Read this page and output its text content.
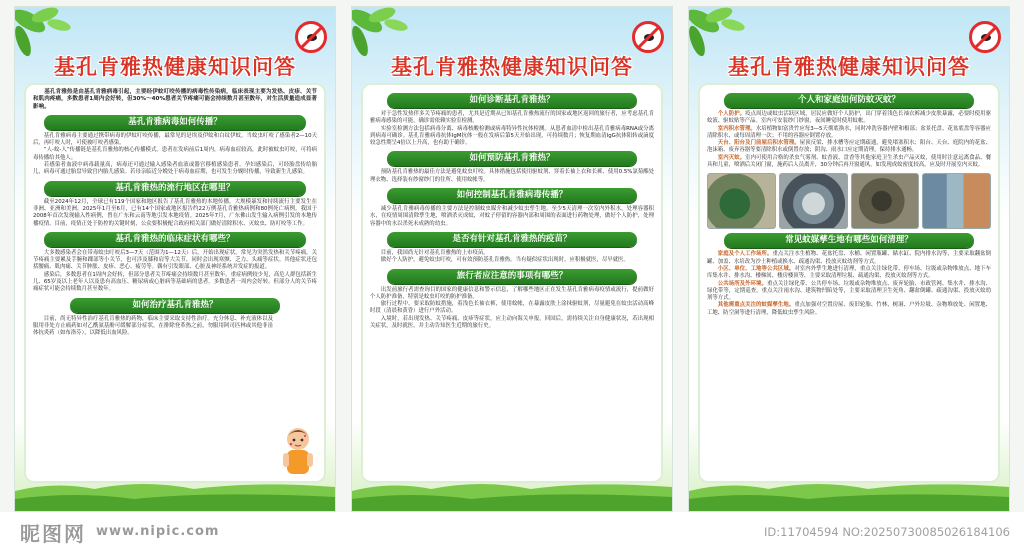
基孔肯雅热健康知识问答

基孔肯雅热是由基孔肯雅病毒引起，主要经伊蚊叮咬传播的病毒性传染病，临床表现主要为发热、皮疹、关节和肌肉疼痛，多数患者1周内会好转，但30%～40%患者关节疼痛可能会持续数月甚至数年，对生活质量造成显著影响。

基孔肯雅病毒如何传播？

基孔肯雅病毒主要通过携带病毒的伊蚊叮咬传播，最常见的是埃及伊蚊和白纹伊蚊。当蚊虫叮咬了感染者2—10天后，再叮咬人时，可使被叮咬者感染。

“人-蚊-人”传播链是基孔肯雅热的核心传播模式。患者在发病前后1周内，病毒血症较高，此时被蚊虫叮咬，可将病毒传播给其他人。

若感染者血液中病毒载量高，病毒还可通过输入感染者血液或器官移植感染患者。孕妇感染后，可经胎盘传给胎儿，病毒可通过胎盘导致宫内胎儿感染。若母亲临近分娩处于病毒血症期，也可发生分娩时传播，导致新生儿感染。

基孔肯雅热的流行地区在哪里？

截至2024年12月，全球已有119个国家和地区报告了基孔肯雅热的本地传播，大规模暴发和持续流行主要发生在非洲、亚洲和美洲。2025年1月至6月，已有14个国家或地区报告约22万例基孔肯雅热病例和80例死亡病例。我国于2008年首次发现输入性病例，曾在广东和云南等地引发本地疫情。2025年7月，广东佛山发生输入病例引发的本地传播疫情。目前，疫情正处于防控的关键时刻，公众要积极配合政府相关部门做好清除积水、灭蚊虫、防叮咬等工作。

基孔肯雅热的临床症状有哪些？

大多数感染者会在带毒蚊虫叮咬后3—7天（范围为1—12天）后，开始出现症状。常见为突然发热和关节疼痛，关节疼痛主要累及手腕和踝部等小关节，也可涉及膝和肩等大关节，同时会出现寒颤、乏力、头痛等症状。其他症状还包括腰痛、肌肉痛、关节肿胀、皮疹、恶心、疲劳等。偶有引发眼部、心脏及神经系统并发症的报道。

感染后，多数患者在1周内会好转，但部分患者关节疼痛会持续数月甚至数年。重症病例较少见，高危人群包括新生儿、65岁及以上老年人以及患有高血压、糖尿病或心脏病等基础病的患者。多数患者一周内会好转，但部分人的关节疼痛症状可能会持续数月甚至数年。

如何治疗基孔肯雅热？

目前，尚无特异性治疗基孔肯雅热的药物，临床主要采取支持性治疗。充分休息、补充液体以及服用非处方止痛药如对乙酰氨基酚可缓解部分症状。在排除登革热之前，勿服用阿司匹林或其他非甾体抗炎药（如布洛芬），以降低出血风险。

基孔肯雅热健康知识问答
如何诊断基孔肯雅热？

对于急性发热伴多关节疼痛的患者，尤其是近期从已知基孔肯雅热流行的国家或地区返回的旅行者，应考虑基孔肯雅病毒感染的可能，确诊需依赖实验室检测。

实验室检测方法包括病毒分离、病毒核酸检测或病毒特异性抗体检测。从患者血清中检出基孔肯雅病毒RNA或分离到病毒可确诊。基孔肯雅病毒抗体IgM抗体一般在发病后第5天开始出现，可持续数月；恢复期血清IgG抗体阳转或滴度较急性期呈4倍以上升高，也有助于确诊。

如何预防基孔肯雅热？

预防基孔肯雅热的最佳方法是避免蚊虫叮咬。具体措施包括使用驱蚊剂、穿着长袖上衣和长裤、使用0.5%氯菊酯处理衣物、选择装有纱窗纱门的住所、使用蚊帐等。

如何控制基孔肯雅病毒传播？

减少基孔肯雅病毒传播的主要方法是控制蚊虫媒介和减少蚊虫孳生地。至少5天清理一次室内外积水，处理容器积水，在疫情周围清除孳生地，喷洒杀灭成蚊，对蚊子停留的容器内部和周围的表面进行药物处理，做好个人防护，处理容器中的水以杀死未成熟的幼虫。

是否有针对基孔肯雅热的疫苗？

目前，我国尚无针对基孔肯雅热的上市疫苗。

做好个人防护，避免蚊虫叮咬，可有效预防基孔肯雅热。当有疑似症状出现时，应积极就医，尽早就医。

旅行者应注意的事项有哪些？

出发前旅行者需查询目的国家的健康信息和警示信息，了解哪些地区正在发生基孔肯雅病毒疫情或流行，提前做好个人防护准备，特别是蚊虫叮咬的防护准备。

旅行过程中，要采取防蚊措施，着浅色长袖衣裤，使用蚊帐，在暴露皮肤上涂抹驱蚊剂，尽量避免在蚊虫活动高峰时段（清晨和黄昏）进行户外活动。

入境时，若出现发热、关节疼痛、皮疹等症状，应主动向海关申报。回国后，需持续关注自身健康状况，若出现相关症状，及时就医，并主动告知医生近期的旅行史。

基孔肯雅热健康知识问答
个人和家庭如何防蚊灭蚊？

个人防护。疫点周边或蚊虫活跃区域，居民应做好个人防护，出门穿着浅色长袖衣裤减少皮肤暴露，必要时使用驱蚊液、驱蚊贴等产品。室内可安装纱门纱窗，夜间睡觉时使用蚊帐。

室内积水管理。水培植物如富贵竹应每3—5天彻底换水，同时冲洗容器内壁和根部；盆景托盘、花盆底盘等容器应清除积水，或每周清理一次；不用的容器应倒置存放。

天台、阳台及门前屋后积水管理。屋顶反梁、排水槽等应定期疏通，避免堵塞积水；阳台、天台、庭院内的花盆、泡沫箱、废弃容器等要清除积水或倒置存放；阴沟、雨水口应定期清理，保持排水通畅。

室内灭蚊。室内可使用合格的杀虫气雾剂、蚊香液、盘香等其他家庭卫生杀虫产品灭蚊，使用时注意远离食品、餐具和儿童，喷洒后关闭门窗，施药后人员离开，30分钟后再开窗通风。如发现成蚊密度较高，应及时开展室内灭蚊。

常见蚊媒孳生地有哪些如何清理？

家庭及个人工作场所。重点关注水生植物、花盆托盘、水桶、闲置瓶罐、储水缸、院内排水沟等，主要采取翻盆倒罐、加盖、水培改为沙土种植或换水、疏通沟渠、投放灭蚊幼剂等方式。

小区、单位、工地等公共区域。对室内外孳生地进行清理，重点关注绿化带、停车场、垃圾或杂物堆放点、地下车库集水井、排水沟、楼梯间、楼房楼顶等，主要采取清理垃圾、疏通沟渠、投放灭蚊剂等方式。

公共场所及外环境。重点关注绿化带、公共停车场、垃圾或杂物堆放点、废弃轮胎、市政管网、集水井、排水沟、绿化带等，定期巡查，重点关注雨水沟、建筑物凹陷处等，主要采取清理卫生死角、翻盆倒罐、疏通沟渠、投放灭蚊幼剂等方式。

其他需重点关注的蚊媒孳生地。重点加强对空置房屋、废旧轮胎、竹林、树洞、户外垃圾、杂物堆放处、闲置地、工地、防空洞等进行清理，降低蚊虫孳生风险。

昵图网 www.nipic.com	ID:11704594 NO:20250730085026184106
